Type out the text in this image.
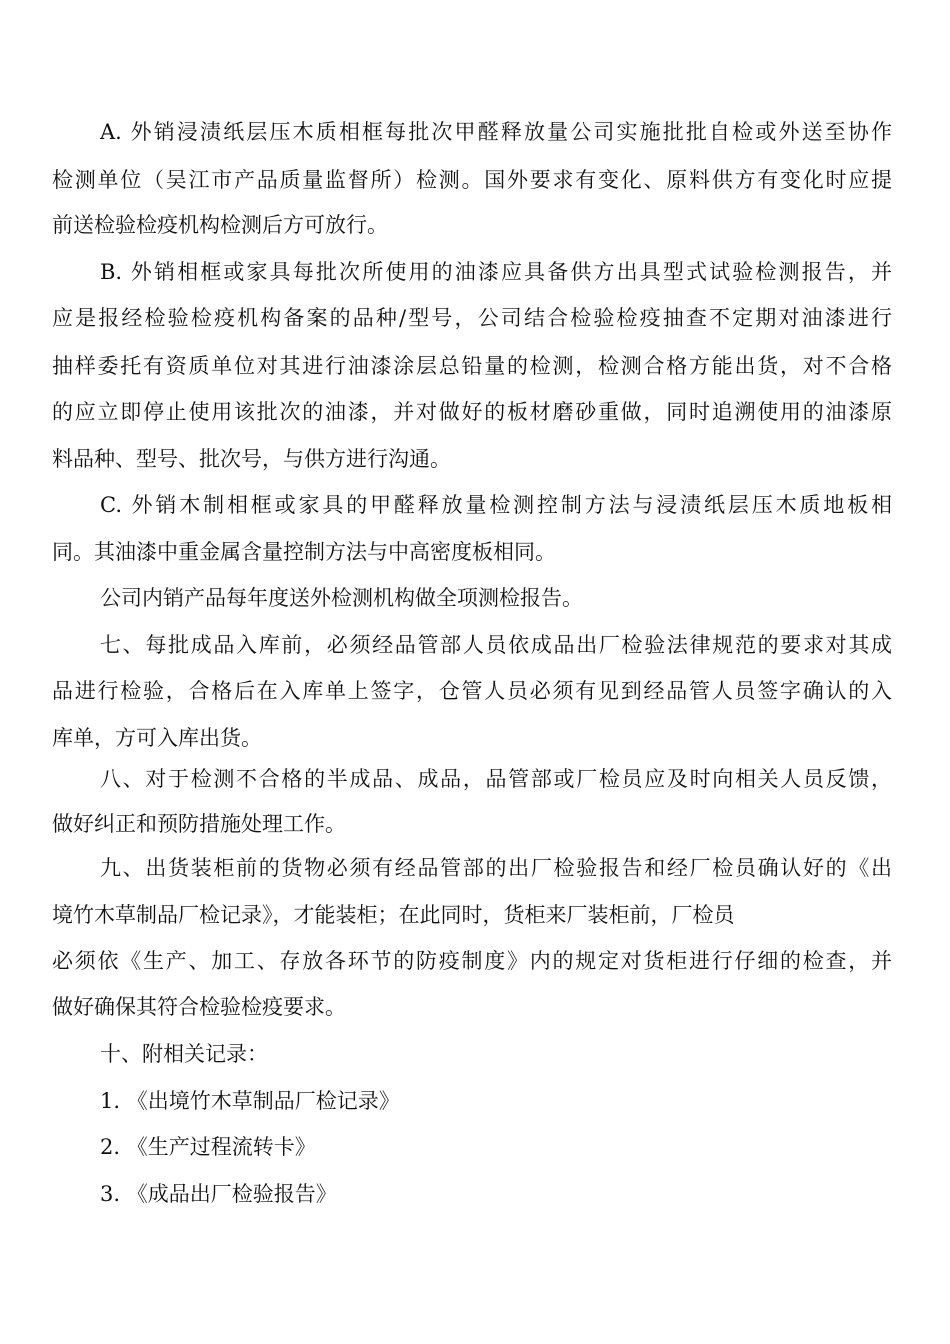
A. 外销浸渍纸层压木质相框每批次甲醛释放量公司实施批批自检或外送至协作
检测单位（吴江市产品质量监督所）检测。国外要求有变化、原料供方有变化时应提
前送检验检疫机构检测后方可放行。
B. 外销相框或家具每批次所使用的油漆应具备供方出具型式试验检测报告，并
应是报经检验检疫机构备案的品种/型号，公司结合检验检疫抽查不定期对油漆进行
抽样委托有资质单位对其进行油漆涂层总铅量的检测，检测合格方能出货，对不合格
的应立即停止使用该批次的油漆，并对做好的板材磨砂重做，同时追溯使用的油漆原
料品种、型号、批次号，与供方进行沟通。
C. 外销木制相框或家具的甲醛释放量检测控制方法与浸渍纸层压木质地板相
同。其油漆中重金属含量控制方法与中高密度板相同。
公司内销产品每年度送外检测机构做全项测检报告。
七、每批成品入库前，必须经品管部人员依成品出厂检验法律规范的要求对其成
品进行检验，合格后在入库单上签字，仓管人员必须有见到经品管人员签字确认的入
库单，方可入库出货。
八、对于检测不合格的半成品、成品，品管部或厂检员应及时向相关人员反馈，
做好纠正和预防措施处理工作。
九、出货装柜前的货物必须有经品管部的出厂检验报告和经厂检员确认好的《出
境竹木草制品厂检记录》，才能装柜；在此同时，货柜来厂装柜前，厂检员
必须依《生产、加工、存放各环节的防疫制度》内的规定对货柜进行仔细的检查，并
做好确保其符合检验检疫要求。
十、附相关记录：
1. 《出境竹木草制品厂检记录》
2. 《生产过程流转卡》
3. 《成品出厂检验报告》
